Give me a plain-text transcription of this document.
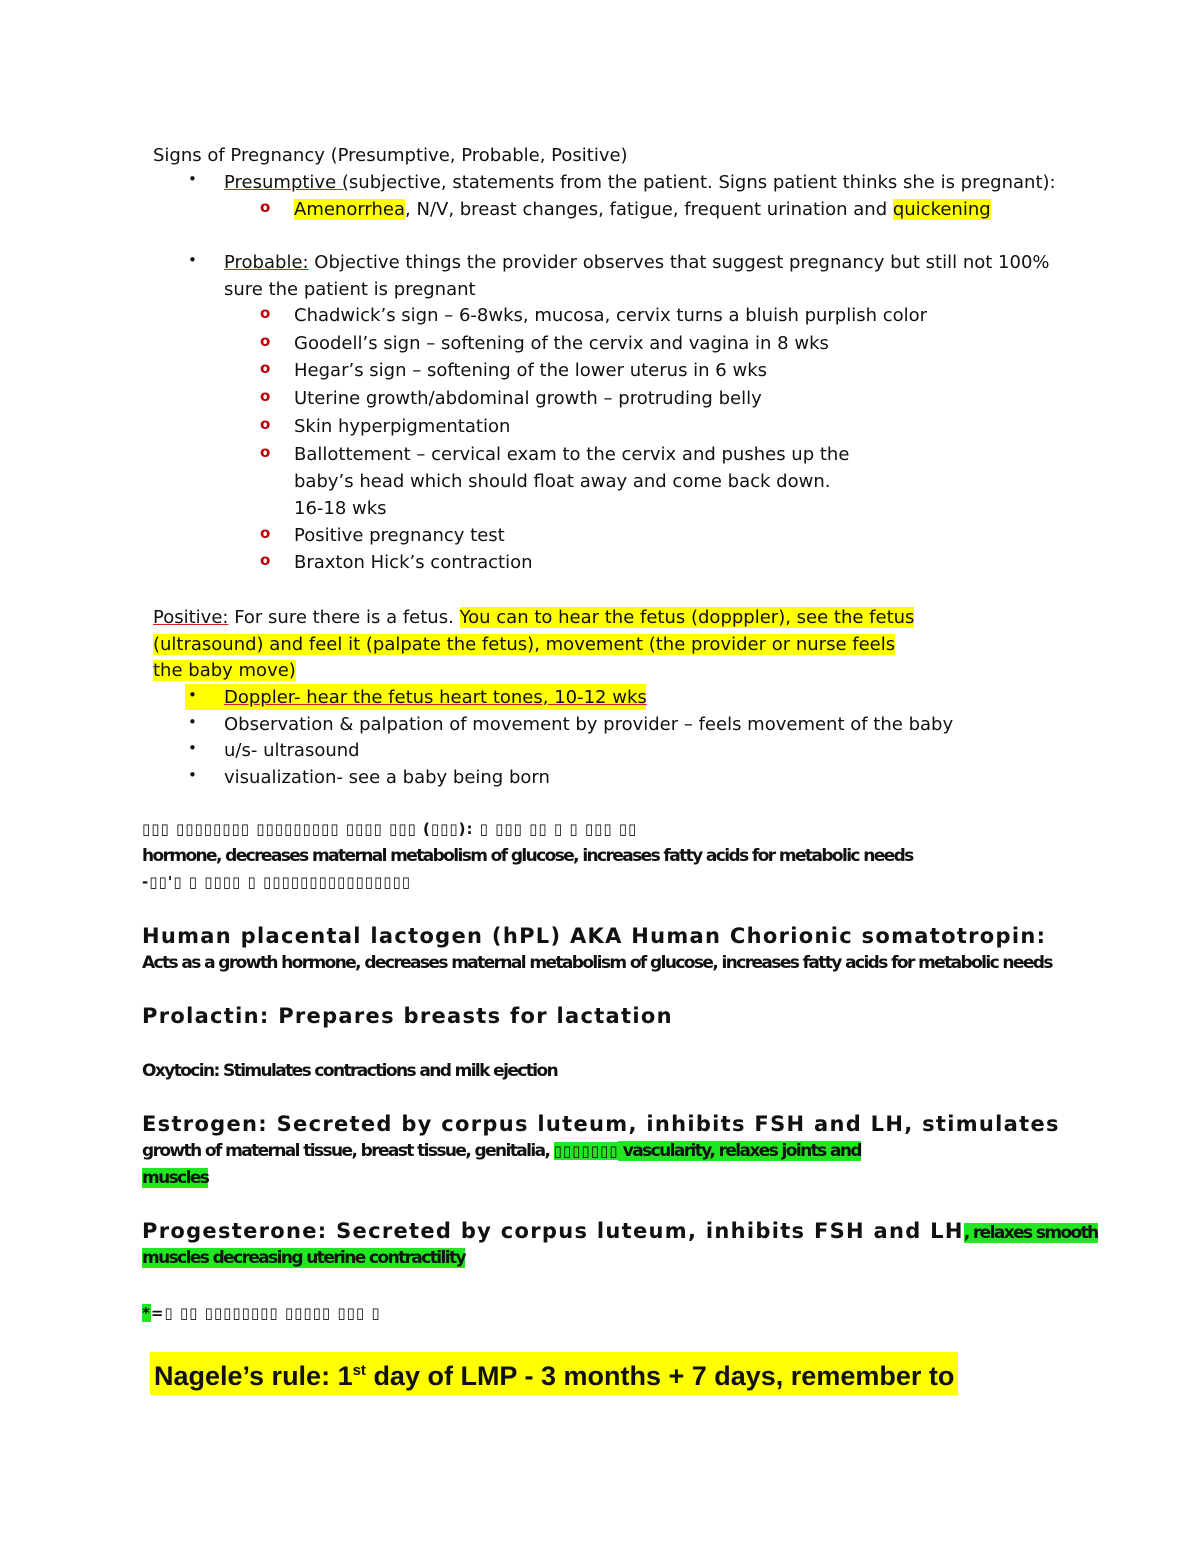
Signs of Pregnancy (Presumptive, Probable, Positive)
• Presumptive (subjective, statements from the patient. Signs patient thinks she is pregnant):
o Amenorrhea, N/V, breast changes, fatigue, frequent urination and quickening
• Probable: Objective things the provider observes that suggest pregnancy but still not 100%
sure the patient is pregnant
o Chadwick’s sign – 6-8wks, mucosa, cervix turns a bluish purplish color
o Goodell’s sign – softening of the cervix and vagina in 8 wks
o Hegar’s sign – softening of the lower uterus in 6 wks
o Uterine growth/abdominal growth – protruding belly
o Skin hyperpigmentation
o Ballottement – cervical exam to the cervix and pushes up the
baby’s head which should float away and come back down.
16-18 wks
o Positive pregnancy test
o Braxton Hick’s contraction
Positive: For sure there is a fetus. You can to hear the fetus (dopppler), see the fetus
(ultrasound) and feel it (palpate the fetus), movement (the provider or nurse feels
the baby move)
• Doppler- hear the fetus heart tones, 10-12 wks
• Observation & palpation of movement by provider – feels movement of the baby
• u/s- ultrasound
• visualization- see a baby being born
▯▯▯ ▯▯▯▯▯▯▯▯ ▯▯▯▯▯▯▯▯▯ ▯▯▯▯ ▯▯▯ (▯▯▯): ▯ ▯▯▯ ▯▯ ▯ ▯ ▯▯▯ ▯▯
hormone, decreases maternal metabolism of glucose, increases fatty acids for metabolic needs
-▯▯'▯ ▯ ▯▯▯▯ ▯ ▯▯▯▯▯▯▯▯▯▯▯▯▯▯▯▯
Human placental lactogen (hPL) AKA Human Chorionic somatotropin:
Acts as a growth hormone, decreases maternal metabolism of glucose, increases fatty acids for metabolic needs
Prolactin: Prepares breasts for lactation
Oxytocin: Stimulates contractions and milk ejection
Estrogen: Secreted by corpus luteum, inhibits FSH and LH, stimulates
growth of maternal tissue, breast tissue, genitalia, ▯▯▯▯▯▯▯ vascularity, relaxes joints and
muscles
Progesterone: Secreted by corpus luteum, inhibits FSH and LH, relaxes smooth
muscles decreasing uterine contractility
*=▯ ▯▯ ▯▯▯▯▯▯▯▯ ▯▯▯▯▯ ▯▯▯ ▯
Nagele’s rule: 1st day of LMP - 3 months + 7 days, remember to
